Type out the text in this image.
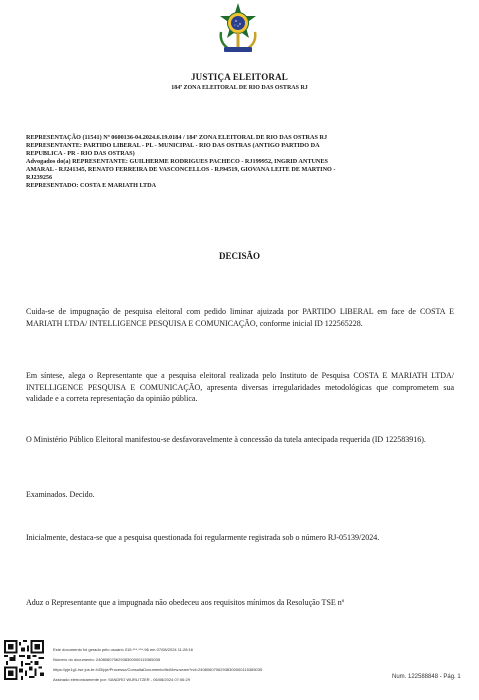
JUSTIÇA ELEITORAL
184ª ZONA ELEITORAL DE RIO DAS OSTRAS RJ
REPRESENTAÇÃO (11541) Nº 0600136-04.2024.6.19.0184 / 184ª ZONA ELEITORAL DE RIO DAS OSTRAS RJ
REPRESENTANTE: PARTIDO LIBERAL - PL - MUNICIPAL - RIO DAS OSTRAS (ANTIGO PARTIDO DA
REPUBLICA - PR - RIO DAS OSTRAS)
Advogados do(a) REPRESENTANTE: GUILHERME RODRIGUES PACHECO - RJ199952, INGRID ANTUNES
AMARAL - RJ241345, RENATO FERREIRA DE VASCONCELLOS - RJ94519, GIOVANA LEITE DE MARTINO -
RJ239256
REPRESENTADO: COSTA E MARIATH LTDA
DECISÃO
Cuida-se de impugnação de pesquisa eleitoral com pedido liminar ajuizada por PARTIDO LIBERAL em face de COSTA E MARIATH LTDA/ INTELLIGENCE PESQUISA E COMUNICAÇÃO, conforme inicial ID 122565228.
Em síntese, alega o Representante que a pesquisa eleitoral realizada pelo Instituto de Pesquisa COSTA E MARIATH LTDA/ INTELLIGENCE PESQUISA E COMUNICAÇÃO, apresenta diversas irregularidades metodológicas que comprometem sua validade e a correta representação da opinião pública.
O Ministério Público Eleitoral manifestou-se desfavoravelmente à concessão da tutela antecipada requerida (ID 122583916).
Examinados. Decido.
Inicialmente, destaca-se que a pesquisa questionada foi regularmente registrada sob o número RJ-05139/2024.
Aduz o Representante que a impugnada não obedeceu aos requisitos mínimos da Resolução TSE nº
Este documento foi gerado pelo usuário 015.***.***-96 em 07/08/2024 11:28:16
Número do documento: 24080607062938300000115365035
https://pje1g1.tse.jus.br:443/pje/Processo/ConsultaDocumento/listView.seam?nd=24080607062938300000115365035
Assinado eletronicamente por: SANDRO WURLITZER - 06/08/2024 07:06:29	Num. 122588848 - Pág. 1
